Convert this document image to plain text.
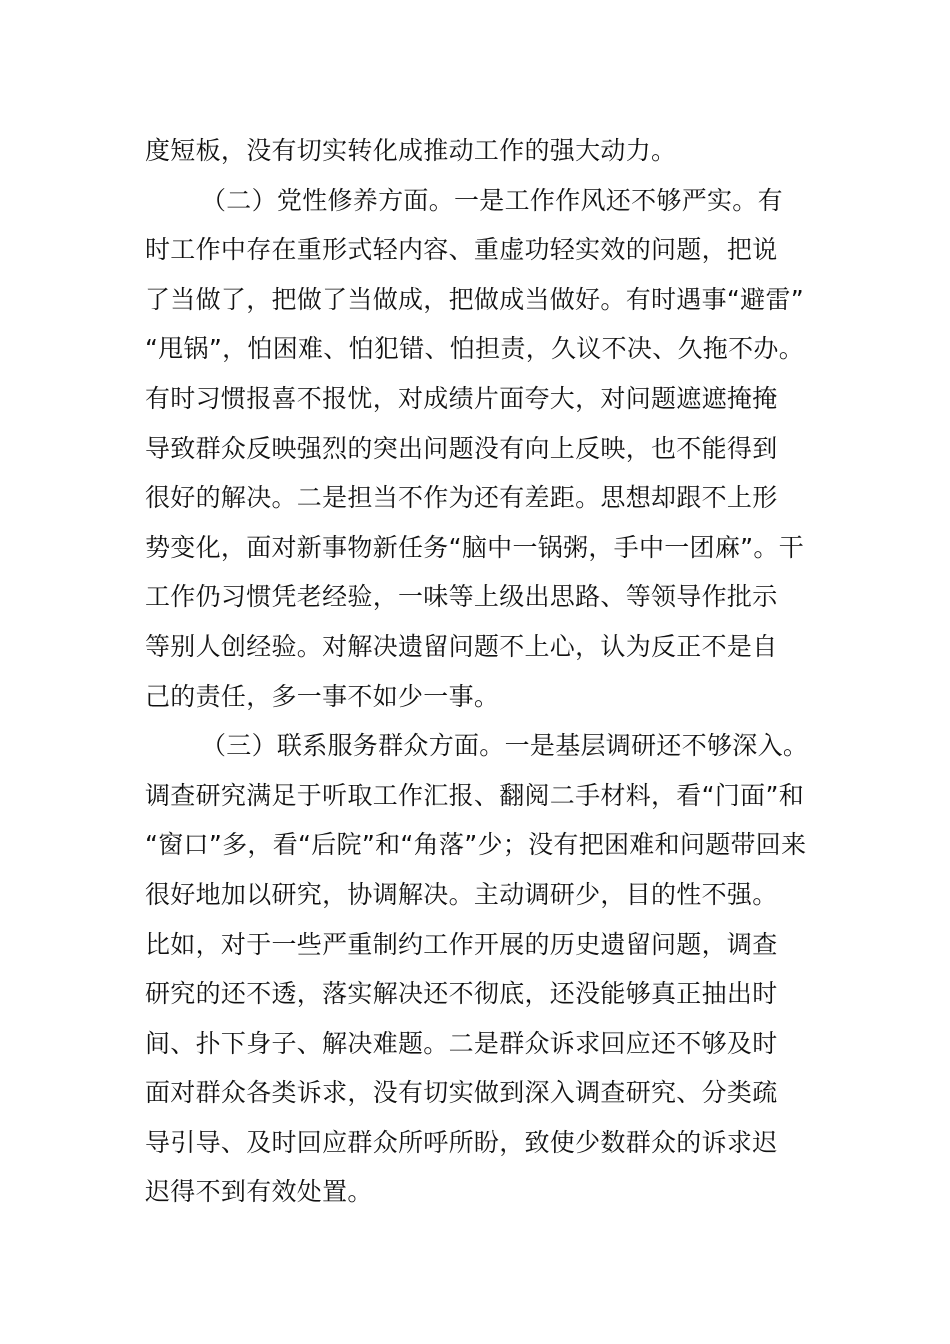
度短板，没有切实转化成推动工作的强大动力。
（二）党性修养方面。一是工作作风还不够严实。有
时工作中存在重形式轻内容、重虚功轻实效的问题，把说
了当做了，把做了当做成，把做成当做好。有时遇事“避雷”
“甩锅”，怕困难、怕犯错、怕担责，久议不决、久拖不办。
有时习惯报喜不报忧，对成绩片面夸大，对问题遮遮掩掩
导致群众反映强烈的突出问题没有向上反映，也不能得到
很好的解决。二是担当不作为还有差距。思想却跟不上形
势变化，面对新事物新任务“脑中一锅粥，手中一团麻”。干
工作仍习惯凭老经验，一味等上级出思路、等领导作批示
等别人创经验。对解决遗留问题不上心，认为反正不是自
己的责任，多一事不如少一事。
（三）联系服务群众方面。一是基层调研还不够深入。
调查研究满足于听取工作汇报、翻阅二手材料，看“门面”和
“窗口”多，看“后院”和“角落”少；没有把困难和问题带回来
很好地加以研究，协调解决。主动调研少，目的性不强。
比如，对于一些严重制约工作开展的历史遗留问题，调查
研究的还不透，落实解决还不彻底，还没能够真正抽出时
间、扑下身子、解决难题。二是群众诉求回应还不够及时
面对群众各类诉求，没有切实做到深入调查研究、分类疏
导引导、及时回应群众所呼所盼，致使少数群众的诉求迟
迟得不到有效处置。
